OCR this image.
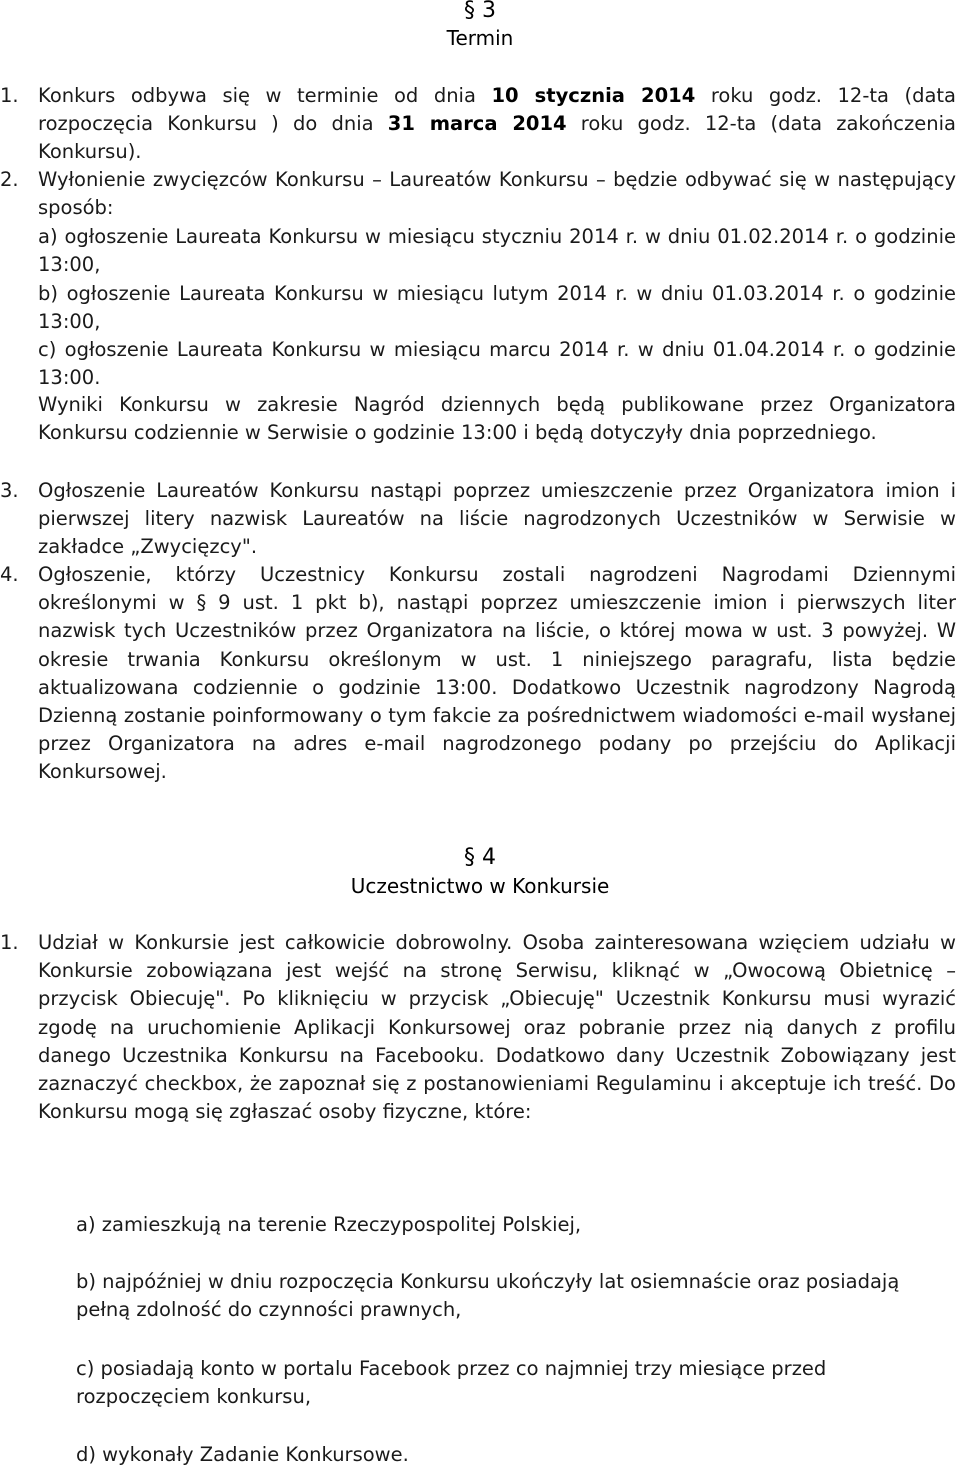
§ 3
Termin
1. Konkurs odbywa się w terminie od dnia 10 stycznia 2014 roku godz. 12-ta (data rozpoczęcia Konkursu ) do dnia 31 marca 2014 roku godz. 12-ta (data zakończenia Konkursu).
2. Wyłonienie zwycięzców Konkursu – Laureatów Konkursu – będzie odbywać się w następujący sposób:
a) ogłoszenie Laureata Konkursu w miesiącu styczniu 2014 r. w dniu 01.02.2014 r. o godzinie 13:00,
b) ogłoszenie Laureata Konkursu w miesiącu lutym 2014 r. w dniu 01.03.2014 r. o godzinie 13:00,
c) ogłoszenie Laureata Konkursu w miesiącu marcu 2014 r. w dniu 01.04.2014 r. o godzinie 13:00.
Wyniki Konkursu w zakresie Nagród dziennych będą publikowane przez Organizatora Konkursu codziennie w Serwisie o godzinie 13:00 i będą dotyczyły dnia poprzedniego.
3. Ogłoszenie Laureatów Konkursu nastąpi poprzez umieszczenie przez Organizatora imion i pierwszej litery nazwisk Laureatów na liście nagrodzonych Uczestników w Serwisie w zakładce „Zwycięzcy".
4. Ogłoszenie, którzy Uczestnicy Konkursu zostali nagrodzeni Nagrodami Dziennymi określonymi w § 9 ust. 1 pkt b), nastąpi poprzez umieszczenie imion i pierwszych liter nazwisk tych Uczestników przez Organizatora na liście, o której mowa w ust. 3 powyżej. W okresie trwania Konkursu określonym w ust. 1 niniejszego paragrafu, lista będzie aktualizowana codziennie o godzinie 13:00. Dodatkowo Uczestnik nagrodzony Nagrodą Dzienną zostanie poinformowany o tym fakcie za pośrednictwem wiadomości e-mail wysłanej przez Organizatora na adres e-mail nagrodzonego podany po przejściu do Aplikacji Konkursowej.
§ 4
Uczestnictwo w Konkursie
1. Udział w Konkursie jest całkowicie dobrowolny. Osoba zainteresowana wzięciem udziału w Konkursie zobowiązana jest wejść na stronę Serwisu, kliknąć w „Owocową Obietnicę – przycisk Obiecuję". Po kliknięciu w przycisk „Obiecuję" Uczestnik Konkursu musi wyrazić zgodę na uruchomienie Aplikacji Konkursowej oraz pobranie przez nią danych z profilu danego Uczestnika Konkursu na Facebooku. Dodatkowo dany Uczestnik Zobowiązany jest zaznaczyć checkbox, że zapoznał się z postanowieniami Regulaminu i akceptuje ich treść. Do Konkursu mogą się zgłaszać osoby fizyczne, które:
a) zamieszkują na terenie Rzeczypospolitej Polskiej,
b) najpóźniej w dniu rozpoczęcia Konkursu ukończyły lat osiemnaście oraz posiadają pełną zdolność do czynności prawnych,
c) posiadają konto w portalu Facebook przez co najmniej trzy miesiące przed rozpoczęciem konkursu,
d) wykonały Zadanie Konkursowe.
